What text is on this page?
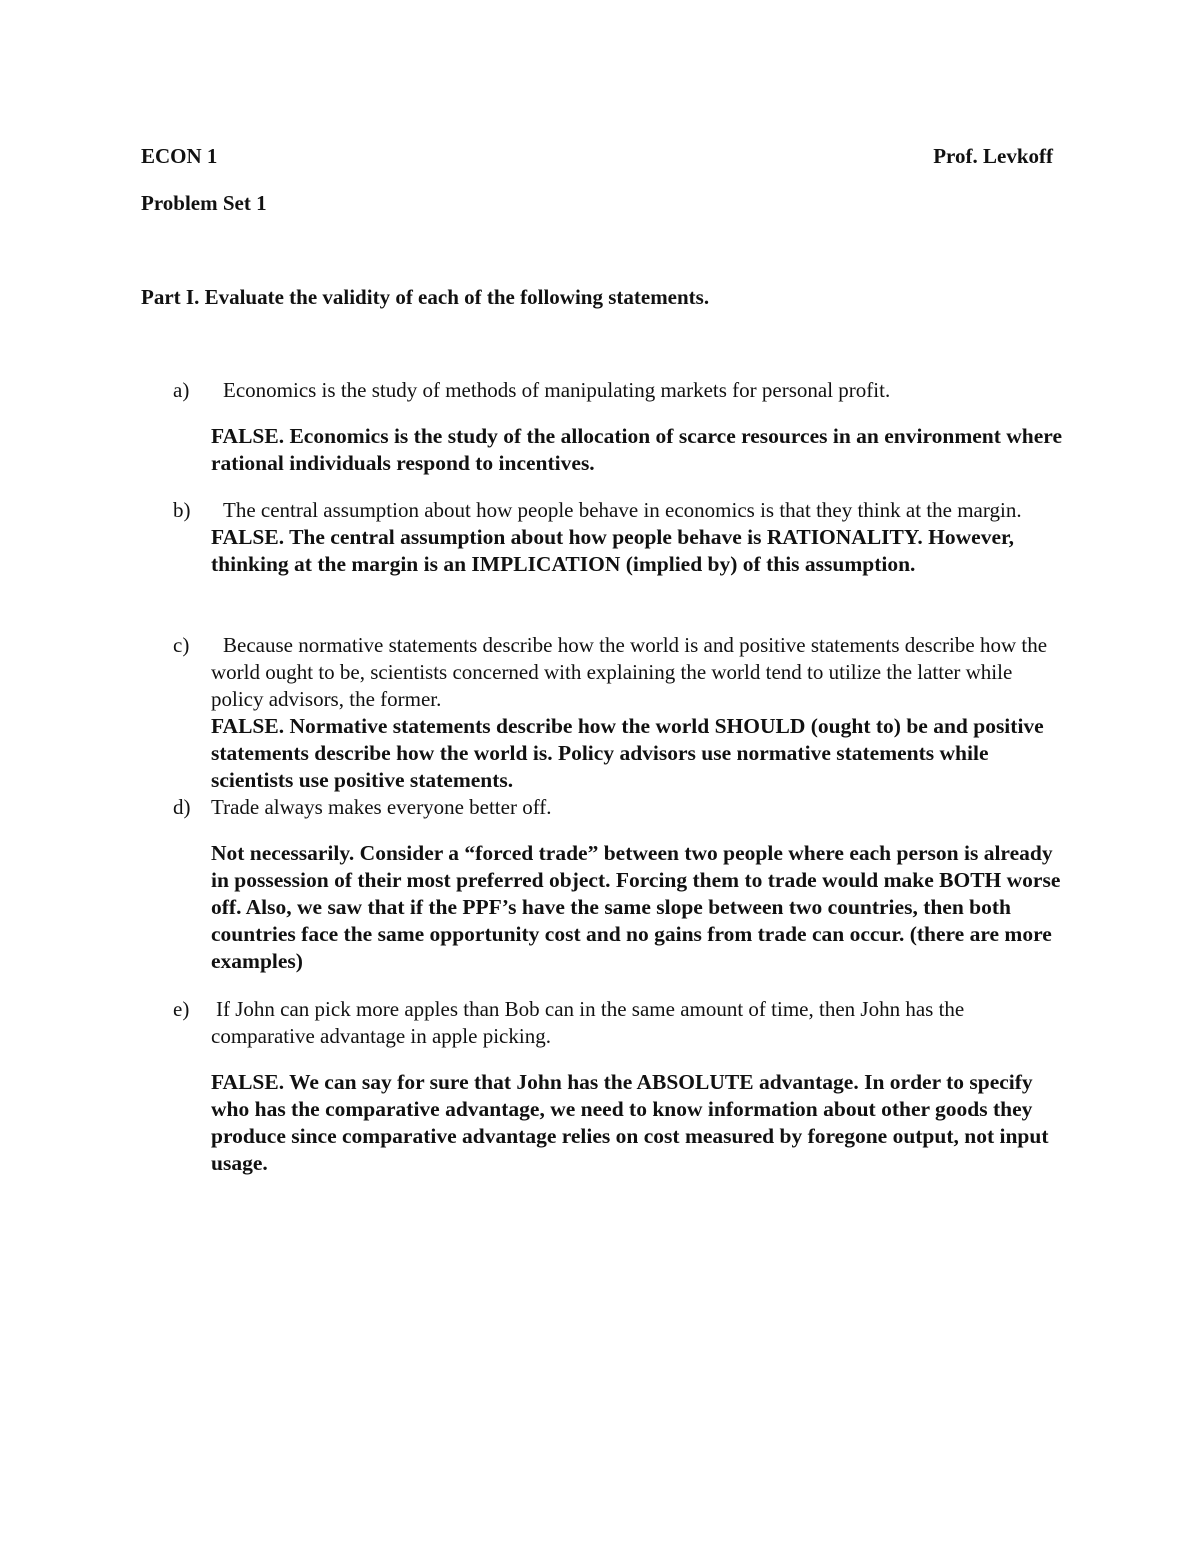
ECON 1	Prof. Levkoff
Problem Set 1
Part I. Evaluate the validity of each of the following statements.
a)	Economics is the study of methods of manipulating markets for personal profit.

FALSE. Economics is the study of the allocation of scarce resources in an environment where rational individuals respond to incentives.

b)	The central assumption about how people behave in economics is that they think at the margin.

FALSE. The central assumption about how people behave is RATIONALITY. However, thinking at the margin is an IMPLICATION (implied by) of this assumption.

c)	Because normative statements describe how the world is and positive statements describe how the world ought to be, scientists concerned with explaining the world tend to utilize the latter while policy advisors, the former.

FALSE. Normative statements describe how the world SHOULD (ought to) be and positive statements describe how the world is. Policy advisors use normative statements while scientists use positive statements.

d) Trade always makes everyone better off.

Not necessarily. Consider a “forced trade” between two people where each person is already in possession of their most preferred object. Forcing them to trade would make BOTH worse off. Also, we saw that if the PPF’s have the same slope between two countries, then both countries face the same opportunity cost and no gains from trade can occur. (there are more examples)

e)	If John can pick more apples than Bob can in the same amount of time, then John has the comparative advantage in apple picking.

FALSE. We can say for sure that John has the ABSOLUTE advantage. In order to specify who has the comparative advantage, we need to know information about other goods they produce since comparative advantage relies on cost measured by foregone output, not input usage.
